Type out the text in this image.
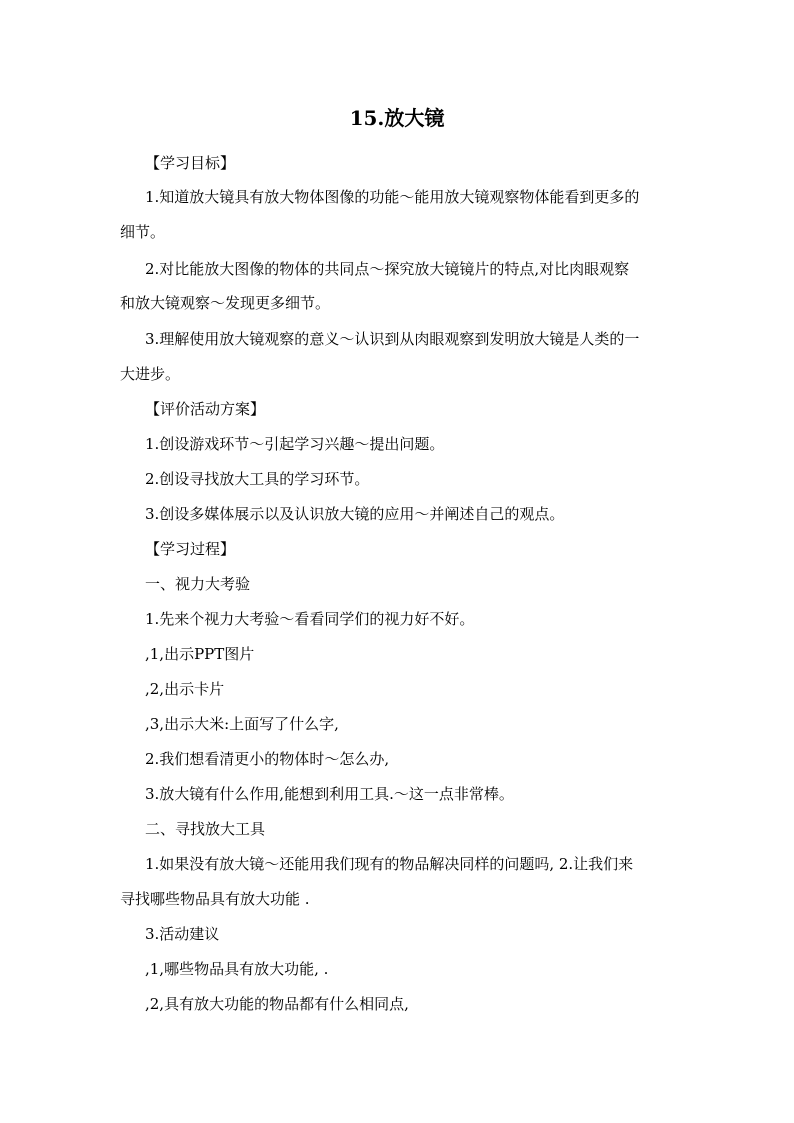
15.放大镜
【学习目标】
1.知道放大镜具有放大物体图像的功能～能用放大镜观察物体能看到更多的
细节。
2.对比能放大图像的物体的共同点～探究放大镜镜片的特点,对比肉眼观察
和放大镜观察～发现更多细节。
3.理解使用放大镜观察的意义～认识到从肉眼观察到发明放大镜是人类的一
大进步。
【评价活动方案】
1.创设游戏环节～引起学习兴趣～提出问题。
2.创设寻找放大工具的学习环节。
3.创设多媒体展示以及认识放大镜的应用～并阐述自己的观点。
【学习过程】
一、视力大考验
1.先来个视力大考验～看看同学们的视力好不好。
,1,出示PPT图片
,2,出示卡片
,3,出示大米:上面写了什么字,
2.我们想看清更小的物体时～怎么办,
3.放大镜有什么作用,能想到利用工具.～这一点非常棒。
二、寻找放大工具
1.如果没有放大镜～还能用我们现有的物品解决同样的问题吗, 2.让我们来
寻找哪些物品具有放大功能 .
3.活动建议
,1,哪些物品具有放大功能, .
,2,具有放大功能的物品都有什么相同点,
